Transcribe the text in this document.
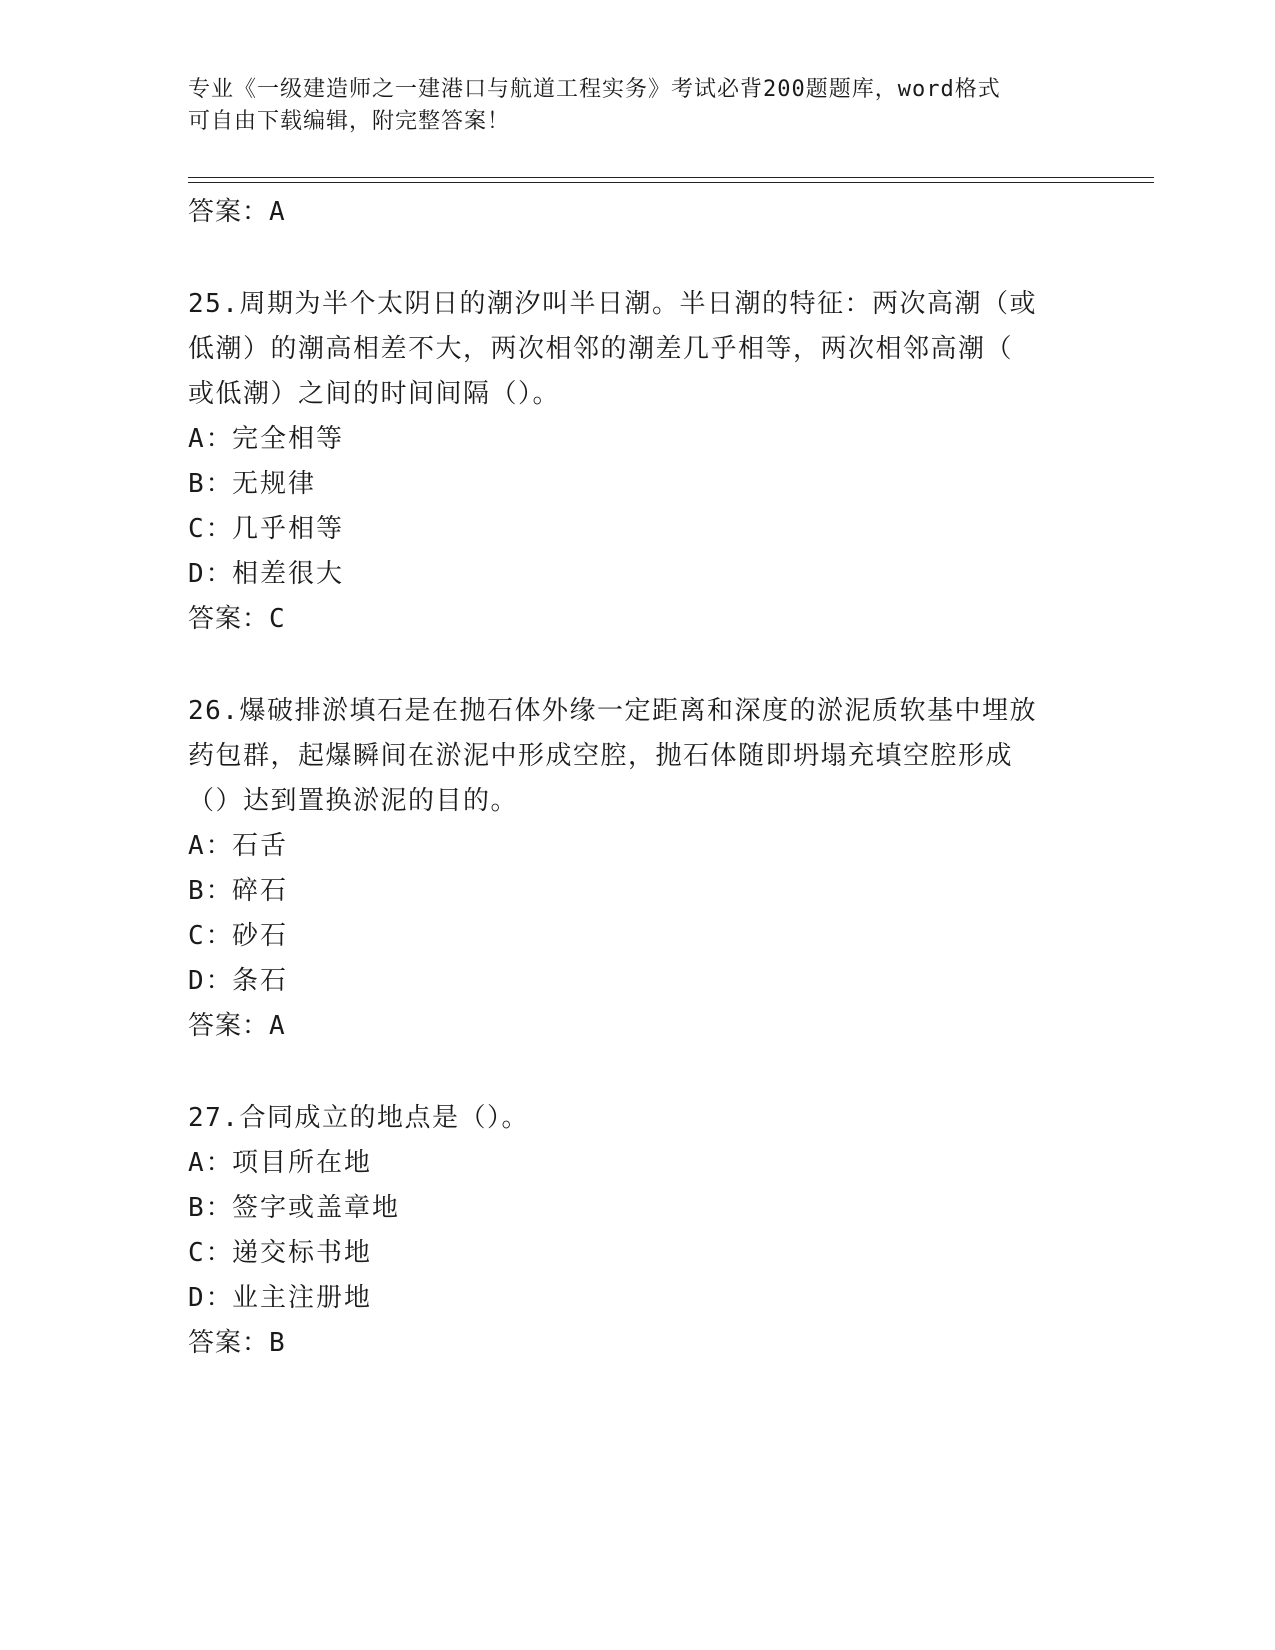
专业《一级建造师之一建港口与航道工程实务》考试必背200题题库，word格式
可自由下载编辑，附完整答案！
答案：A
25.周期为半个太阴日的潮汐叫半日潮。半日潮的特征：两次高潮（或
低潮）的潮高相差不大，两次相邻的潮差几乎相等，两次相邻高潮（
或低潮）之间的时间间隔（）。
A：完全相等
B：无规律
C：几乎相等
D：相差很大
答案：C
26.爆破排淤填石是在抛石体外缘一定距离和深度的淤泥质软基中埋放
药包群，起爆瞬间在淤泥中形成空腔，抛石体随即坍塌充填空腔形成
（）达到置换淤泥的目的。
A：石舌
B：碎石
C：砂石
D：条石
答案：A
27.合同成立的地点是（）。
A：项目所在地
B：签字或盖章地
C：递交标书地
D：业主注册地
答案：B
